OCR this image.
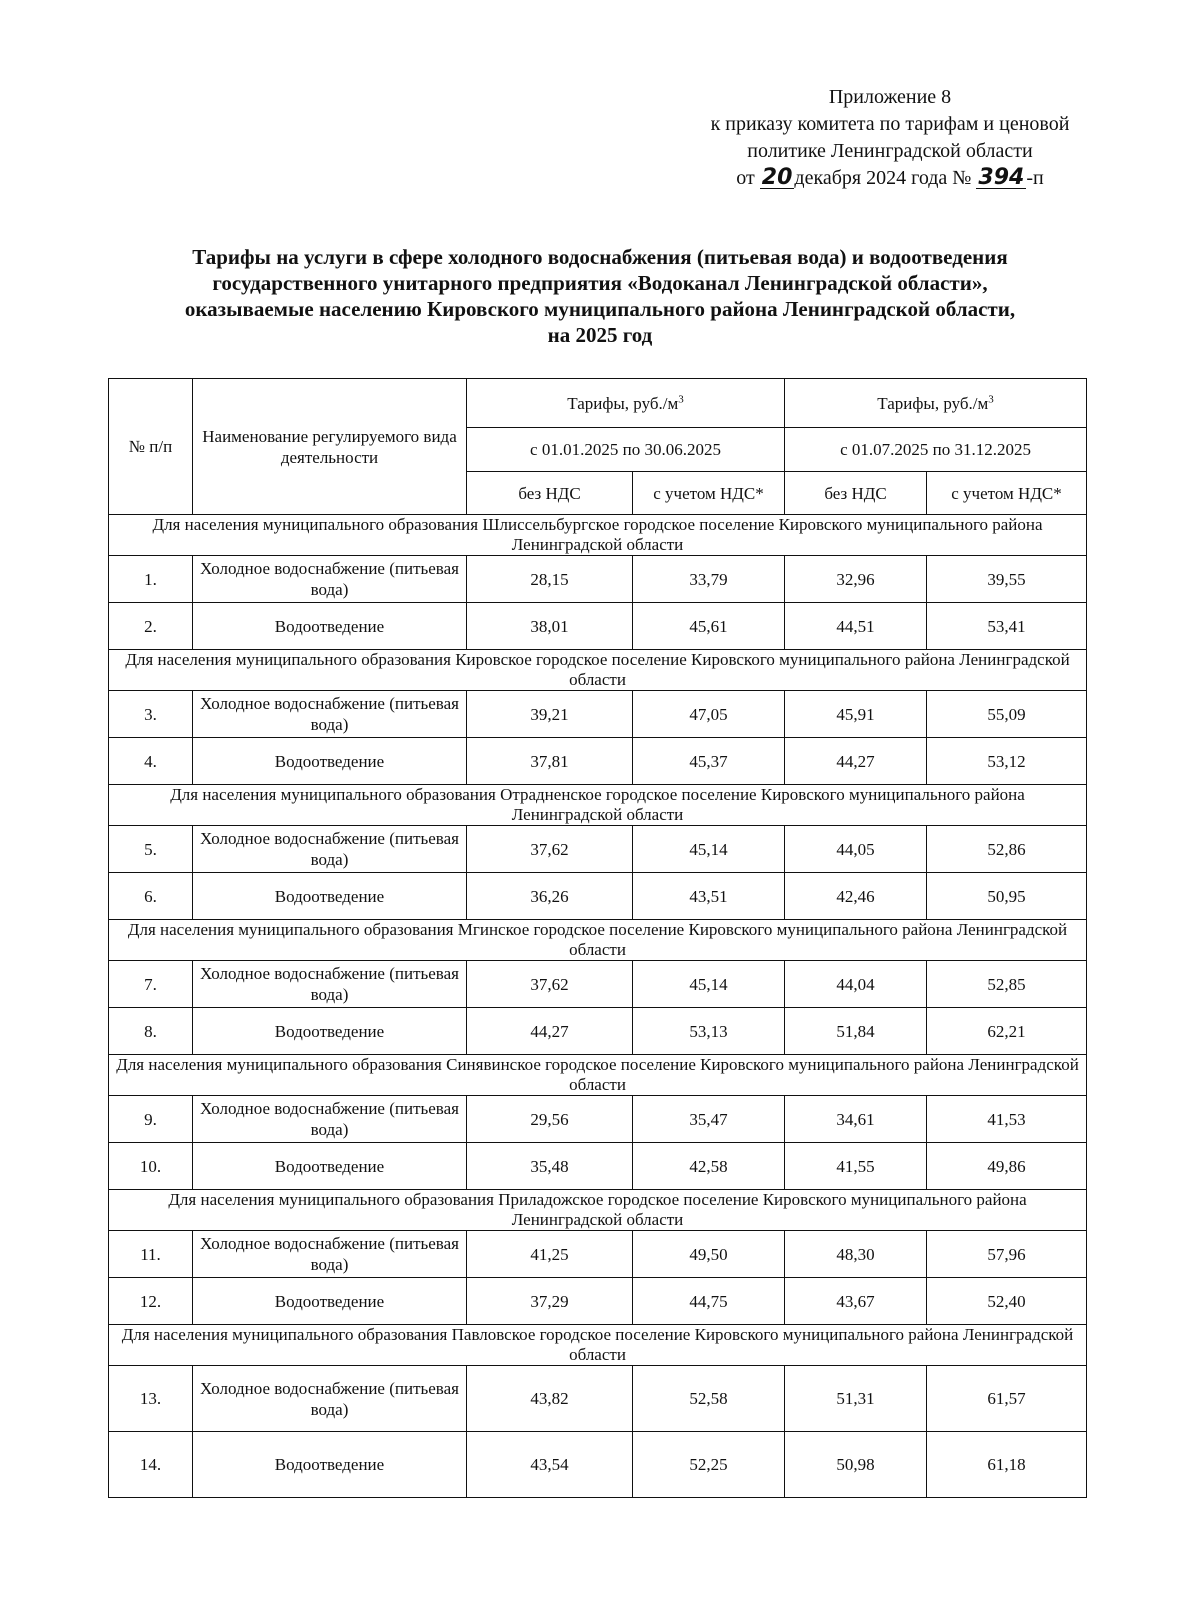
Приложение 8
к приказу комитета по тарифам и ценовой
политике Ленинградской области
от 20 декабря 2024 года № 394 -п
Тарифы на услуги в сфере холодного водоснабжения (питьевая вода) и водоотведения
государственного унитарного предприятия «Водоканал Ленинградской области»,
оказываемые населению Кировского муниципального района Ленинградской области,
на 2025 год
№ п/п	Наименование регулируемого вида деятельности	Тарифы, $руб./м^3$		Тарифы, $руб./м^3$
		с 01.01.2025 по 30.06.2025		с 01.07.2025 по 31.12.2025	
		без НДС	с учетом НДС*	без НДС	с учетом НДС*
Для населения муниципального образования Шлиссельбургское городское поселение Кировского муниципального района Ленинградской области					
1.	Холодное водоснабжение (питьевая вода)	28,15	33,79	32,96	39,55
2.	Водоотведение	38,01	45,61	44,51	53,41
Для населения муниципального образования Кировское городское поселение Кировского муниципального района Ленинградской области					
3.	Холодное водоснабжение (питьевая вода)	39,21	47,05	45,91	55,09
4.	Водоотведение	37,81	45,37	44,27	53,12
Для населения муниципального образования Отрадненское городское поселение Кировского муниципального района Ленинградской области					
5.	Холодное водоснабжение (питьевая вода)	37,62	45,14	44,05	52,86
6.	Водоотведение	36,26	43,51	42,46	50,95
Для населения муниципального образования Мгинское городское поселение Кировского муниципального района Ленинградской области					
7.	Холодное водоснабжение (питьевая вода)	37,62	45,14	44,04	52,85
8.	Водоотведение	44,27	53,13	51,84	62,21
Для населения муниципального образования Синявинское городское поселение Кировского муниципального района Ленинградской области					
9.	Холодное водоснабжение (питьевая вода)	29,56	35,47	34,61	41,53
10.	Водоотведение	35,48	42,58	41,55	49,86
Для населения муниципального образования Приладожское городское поселение Кировского муниципального района Ленинградской области					
11.	Холодное водоснабжение (питьевая вода)	41,25	49,50	48,30	57,96
12.	Водоотведение	37,29	44,75	43,67	52,40
Для населения муниципального образования Павловское городское поселение Кировского муниципального района Ленинградской области					
13.	Холодное водоснабжение (питьевая вода)	43,82	52,58	51,31	61,57
14.	Водоотведение	43,54	52,25	50,98	61,18
